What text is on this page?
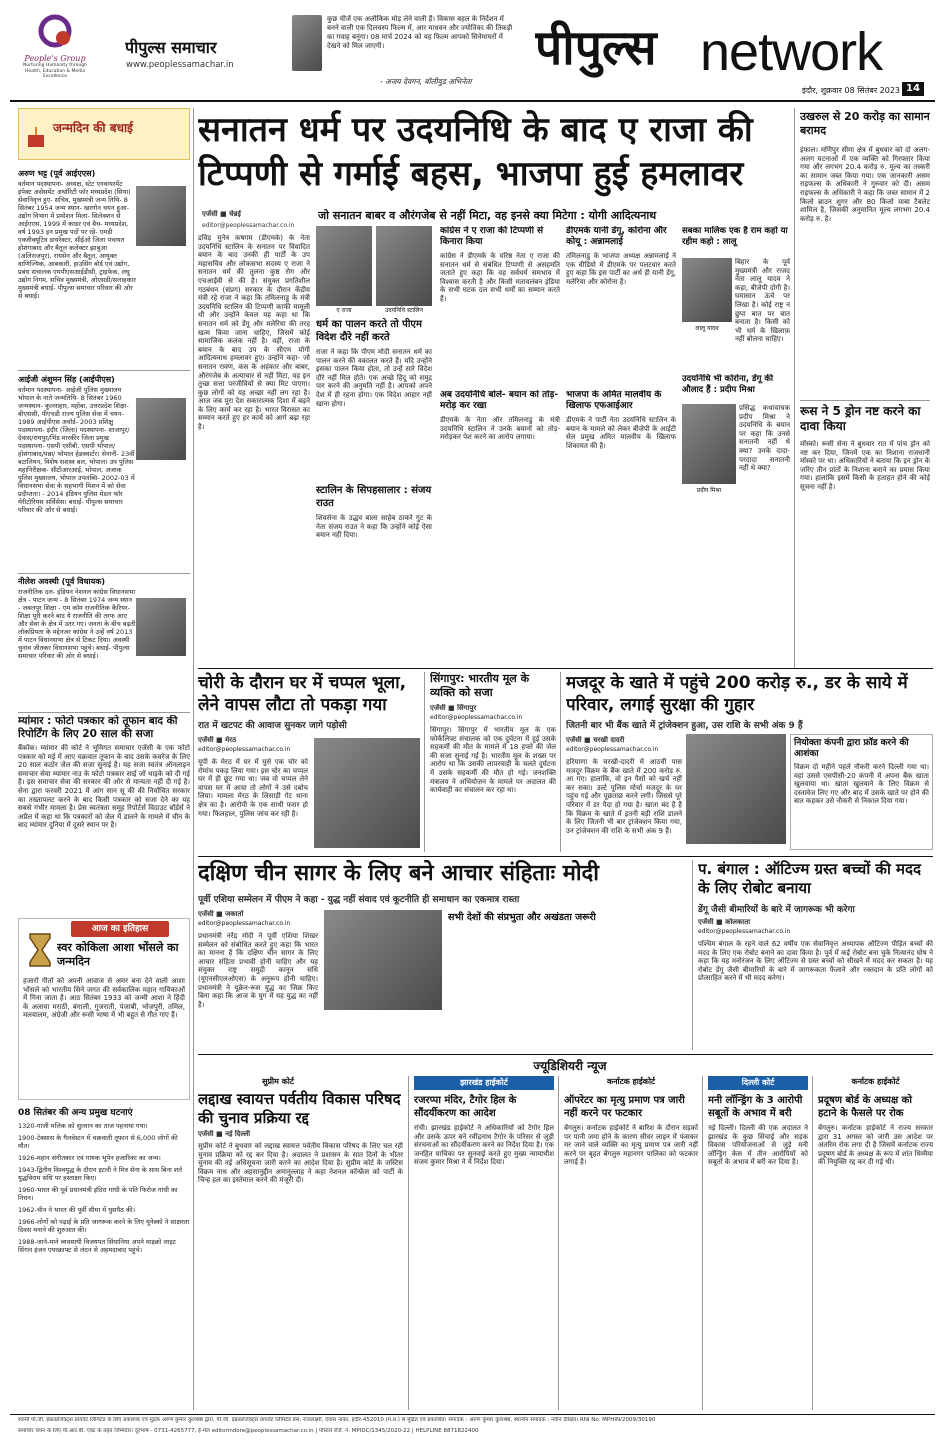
People's Group
Nurturing Humanity through Health, Education & Media Excellence
पीपुल्स समाचार
www.peoplessamachar.in
कुछ चीजें एक अलौकिक मोड़ लेने वाली हैं। विकास बहल के निर्देशन में बनने वाली एक दिलचस्प फिल्म में, आर माधवन और ज्योतिका की तिकड़ी का गवाह बनूंगा। 08 मार्च 2024 को यह फिल्म आपको सिनेमाघरों में देखने को मिल जाएगी।
- अजय देवगन, बॉलीवुड अभिनेता
पीपुल्स network
इंदौर, शुक्रवार 08 सितंबर 2023 14
जन्मदिन की बधाई
अरुण भट्ट (पूर्व आईएएस)
वर्तमान पदस्थापना- अध्यक्ष, स्टेट एनवायरमेंट इंपेक्ट असेसमेंट अथॉरिटी फॉर मध्यप्रदेश (सिया) सेवानिवृत्त हुए- सचिव, मुख्यमंत्री जन्म तिथि- 8 सितंबर 1954 जन्म स्थान- खरगोन चयन हुआ- उद्योग विभाग में प्रमोशन मिला- सिलेक्शन से आईएएस, 1999 में काडर एवं बैच- मध्यप्रदेश, वर्ष 1993 इन प्रमुख पदों पर रहे- एमडी एक्जीक्यूटिव डायरेक्टर, सीईओ जिला पंचायत होशंगाबाद और बैतूल कलेक्टर झाबुआ (अलिराजपुर), रायसेन और बैतूल, आयुक्त वाणिज्यिक, आबकारी, हाउसिंग बोर्ड एवं उद्योग, प्रबंध संचालक एमपीएसआईडीसी, ट्राइफेक, लघु उद्योग निगम, सचिव मुख्यमंत्री, ओएसडी/सलाहकार मुख्यमंत्री बधाई- पीपुल्स समाचार परिवार की ओर से बधाई।
आईजी अंशुमन सिंह (आईपीएस)
वर्तमान पदस्थापना- आईजी पुलिस मुख्यालय भोपाल के नाते जन्मतिथि- 8 सितंबर 1960 जन्मस्थान- कुल्लाहार, महोबा, उत्तरप्रदेश शिक्षा- बीएससी, पीएचडी राज्य पुलिस सेवा में चयन- 1989 आईपीएस अवॉर्ड- 2003 प्रशिक्षु पदस्थापना- इंदौर (जिला) पदस्थापना- शाजापुर/देवास/रायपुर/भिंड मारकीर जिला प्रमुख पदस्थापना- एसपी एसीबी, एसपी भोपाल/होशंगाबाद/पन्ना/ भोपाल हेडक्वार्टर। सेनानी- 23वीं बटालियन, विशेष सशस्त्र बल, भोपाल। उप पुलिस महानिरीक्षक- सीटीआरआई, भोपाल, अजाक पुलिस मुख्यालय, भोपाल उपलब्धि- 2002-03 में विधानसभा सेवा के सहभागी मिशन में को सेवा प्रदीप्तता। - 2014 इंडियन पुलिस मेडल फॉर मेरीटोरियस सर्विसेस। बधाई- पीपुल्स समाचार परिवार की ओर से बधाई।
नीलेश अवस्थी (पूर्व विधायक)
राजनीतिक दल- इंडियन नेशनल कांग्रेस विधानसभा क्षेत्र - पाटन जन्म - 8 सितंबर 1974 जन्म स्थान - जबलपुर शिक्षा - एम कॉम राजनीतिक कैरियर- शिक्षा पूरी करने बाद ये राजनीति की तरफ आए और सेवा के क्षेत्र में उतर गए। जनता के बीच बढ़ती लोकप्रियता के मद्देनजर कांग्रेस ने उन्हें वर्ष 2013 में पाटन विधानसभा क्षेत्र से टिकट दिया। अवस्थी चुनाव जीतकर विधानसभा पहुंचे। बधाई- पीपुल्स समाचार परिवार की ओर से बधाई।
म्यांमार : फोटो पत्रकार को तूफान बाद की रिपोर्टिंग के लिए 20 साल की सजा
बैंकॉक। म्यांमार की कोर्ट ने भूमिगत समाचार एजेंसी के एक फोटो पत्रकार को मई में आए चक्रवात तूफान के बाद उसके कवरेज के लिए 20 साल कठोर जेल की सजा सुनाई है। यह सजा स्वतंत्र ऑनलाइन समाचार सेवा म्यांमार नाउ के फोटो पत्रकार साई जॉ थाइके को दी गई है। इस समाचार सेवा की सरकार की ओर से मान्यता नहीं दी गई है। सेना द्वारा फरवरी 2021 में आंग सान सू की की निर्वाचित सरकार का तख्तापलट करने के बाद किसी पत्रकार को सजा देने का यह सबसे गंभीर मामला है। प्रेस स्वतंत्रता समूह रिपोर्टर्स विदाउट बॉर्डर्स ने अप्रैल में कहा था कि पत्रकारों को जेल में डालने के मामले में चीन के बाद म्यांमार दुनिया में दूसरे स्थान पर है।
आज का इतिहास
स्वर कोकिला आशा भोंसले का जन्मदिन
हजारों गीतों को अपनी आवाज से अमर बना देने वाली आशा भोंसले को भारतीय सिने जगत की सर्वकालिक महान गायिकाओं में गिना जाता है। आठ सितंबर 1933 को जन्मी आशा ने हिंदी के अलावा मराठी, बंगाली, गुजराती, पंजाबी, भोजपुरी, तमिल, मलयालम, अंग्रेजी और रूसी भाषा में भी बहुत से गीत गाए हैं।
08 सितंबर की अन्य प्रमुख घटनाएं
1320-गाजी मलिक को सुल्तान का ताज पहनाया गया।
1900-टेक्सास के गैलवेस्टन में चक्रवाती तूफान से 6,000 लोगों की मौत।
1926-महान संगीतकार एवं गायक भूपेन हजारिका का जन्म।
1943-द्वितीय विश्वयुद्ध के दौरान इटली ने मित्र सेना के साथ बिना शर्त युद्धविराम संधि पर हस्ताक्षर किए।
1960-भारत की पूर्व प्रधानमंत्री इंदिरा गांधी के पति फिरोज गांधी का निधन।
1962-चीन ने भारत की पूर्वी सीमा में घुसपैठ की।
1966-लोगों को पढ़ाई के प्रति जागरूक करने के लिए यूनेस्को ने साक्षरता दिवस मनाने की शुरुआत की।
1988-जाने-माने व्यवसायी विजयपत सिंघानिया अपने माइक्रो लाइट सिंगल इंजन एयरक्राफ्ट से लंदन से अहमदाबाद पहुंचे।
सनातन धर्म पर उदयनिधि के बाद ए राजा की टिप्पणी से गर्माई बहस, भाजपा हुई हमलावर
एजेंसी ■ चेन्नई	जो सनातन बाबर व औरंगजेब से नहीं मिटा, वह इनसे क्या मिटेगा : योगी आदित्यनाथ
editor@peoplessamachar.co.in
द्रविड़ मुनेत्र कषगम (डीएमके) के नेता उदयनिधि स्टालिन के सनातन पर विवादित बयान के बाद उनकी ही पार्टी के उप महासचिव और लोकसभा सदस्य ए राजा ने सनातन धर्म की तुलना कुष्ठ रोग और एचआईवी से की है। संयुक्त प्रगतिशील गठबंधन (संप्रग) सरकार के दौरान केंद्रीय मंत्री रहे राजा ने कहा कि तमिलनाडु के मंत्री उदयनिधि स्टालिन की टिप्पणी काफी मामूली थी और उन्होंने केवल यह कहा था कि सनातन धर्म को डेंगू और मलेरिया की तरह खत्म किया जाना चाहिए, जिसमें कोई सामाजिक कलंक नहीं है। वहीं, राजा के बयान के बाद उप के सीएम योगी आदित्यनाथ हमलावर हुए। उन्होंने कहा- जो सनातन रावण, कंस के अहंकार और बाबर, औरंगजेब के अत्याचार से नहीं मिटा, वह इन तुच्छ सत्ता परजीवियों से क्या मिट पाएगा। कुछ लोगों को यह अच्छा नहीं लग रहा है। आज जब पूरा देश सकारात्मक दिशा में बढ़ने के लिए कार्य कर रहा है। भारत विरासत का सम्मान करते हुए हर कार्य को आगे बढ़ा रहा है।
ए राजा	उदयनिधि स्टालिन
धर्म का पालन करते तो पीएम विदेश दौरे नहीं करते
राजा ने कहा कि पीएम मोदी सनातन धर्म का पालन करने की वकालत करते हैं। यदि उन्होंने इसका पालन किया होता, तो उन्हें सारे विदेश दौरे नहीं मिल होते। एक अच्छे हिंदू को समुद्र पार करने की अनुमति नहीं है। आपको अपने देश में ही रहना होगा। एक विदेश आहार नहीं खाना होगा।
स्टालिन के सिपहसालार : संजय राउत
शिवसेना के उद्धव बाला साहेब ठाकरे गुट के नेता संजय राउत ने कहा कि उन्होंने कोई ऐसा बयान नहीं दिया।
कांग्रेस ने ए राजा की टिप्पणी से किनारा किया
कांग्रेस ने डीएमके के वरिष्ठ नेता ए राजा की सनातन धर्म से संबंधित टिप्पणी से असहमति जताते हुए कहा कि वह सर्वधर्म समभाव में विश्वास करती है और किसी मतावलंबन इंडिया के सभी घटक दल सभी धर्मों का सम्मान करते हैं।
अब उदयनिधि बोले- बयान को तोड़-मरोड़ कर रखा
डीएमके के नेता और तमिलनाडु के मंत्री उदयनिधि स्टालिन ने उनके बयानों को तोड़-मरोड़कर पेश करने का आरोप लगाया।
डीएमके यानी डेंगू, कोरोना और कोयू : अन्नामलाई
तमिलनाडु के भाजपा अध्यक्ष अन्नामलाई ने एक वीडियो में डीएमके पर पलटवार करते हुए कहा कि इस पार्टी का अर्थ ही यानी डेंगू, मलेरिया और कोरोना है।
भाजपा के अमित मालवीय के खिलाफ एफआईआर
डीएमके ने पार्टी नेता उदयनिधि स्टालिन के बयान के मामले को लेकर बीजेपी के आईटी सेल प्रमुख अमित मालवीय के खिलाफ शिकायत की है।
सबका मालिक एक है राम कहो या रहीम कहो : लालू
लालू यादव
बिहार के पूर्व मुख्यमंत्री और राजद नेता लालू यादव ने कहा, बीजेपी दोगी है। घमासान ऊंचे पर लिखा है। कोई राष्ट्र न छुपा बात पर बात बनाता है। किसी को भी धर्म के खिलाफ़ नहीं बोलना चाहिए।
उदयनिधि भी कोरोना, डेंगू की औलाद हैं : प्रदीप मिश्रा
प्रदीप मिश्रा
प्रसिद्ध कथावाचक प्रदीप मिश्रा ने उदयनिधि के बयान पर कहा कि उनसे सनातनी नहीं थे क्या? उनके दादा-परदादा सनातनी नहीं थे क्या?
उखरुल से 20 करोड़ का सामान बरामद
इंफाल। मणिपुर सीमा क्षेत्र में बुधवार को दो अलग-अलग घटनाओं में एक व्यक्ति को गिरफ्तार किया गया और लगभग 20.4 करोड़ रु. मूल्य का तस्करी का सामान जब्त किया गया। एक जानकारी असम राइफल्स के अधिकारी ने गुरुवार को दी। असम राइफल्स के अधिकारी ने कहा कि जब्त सामान में 2 किलो ब्राउन शुगर और 80 किलो याबा टैबलेट शामिल है, जिसकी अनुमानित मूल्य लगभग 20.4 करोड़ रु. है।
रूस ने 5 ड्रोन नष्ट करने का दावा किया
मॉस्को। रूसी सेना ने बुधवार रात में पांच ड्रोन को नष्ट कर दिया, जिनमें एक का निशाना राजधानी मॉस्को पर था। अधिकारियों ने बताया कि इन ड्रोन के जरिए तीन प्रांतों के निशाना बनाने का प्रयास किया गया। हालांकि इसमें किसी के हताहत होने की कोई सूचना नहीं है।
चोरी के दौरान घर में चप्पल भूला, लेने वापस लौटा तो पकड़ा गया
रात में खटपट की आवाज सुनकर जागे पड़ोसी
एजेंसी ■ मेरठ
editor@peoplessamachar.co.in
यूपी के मेरठ में घर में घुसे एक चोर को रोमांच पकड़ लिया गया। इस चोर का चप्पल घर में ही छूट गया था। जब वो चप्पल लेने वापस घर में आया तो लोगों ने उसे दबोच लिया। मामला मेरठ के लिसाड़ी गेट थाना क्षेत्र का है। आरोपी के एक साथी फरार हो गया। फिलहाल, पुलिस जांच कर रही है।
सिंगापुर: भारतीय मूल के व्यक्ति को सजा
एजेंसी ■ सिंगापुर
editor@peoplessamachar.co.in
सिंगापुर। सिंगापुर में भारतीय मूल के एक फोर्कलिफ्ट संचालक को एक दुर्घटना में हुई उसके सहकर्मी की मौत के मामले में 18 हफ्ते की जेल की सजा सुनाई गई है। भारतीय मूल के शख्स पर आरोप था कि उसकी लापरवाही के चलते दुर्घटना में उसके सहकर्मी की मौत हो गई। जनशक्ति मंत्रालय ने अभियोजन के मामले पर अदालत की कार्यवाही का संचालन कर रहा था।
मजदूर के खाते में पहुंचे 200 करोड़ रु., डर के साये में परिवार, लगाई सुरक्षा की गुहार
जितनी बार भी बैंक खाते में ट्रांजेक्शन हुआ, उस राशि के सभी अंक 9 हैं
एजेंसी ■ चरखी दादरी
editor@peoplessamachar.co.in
हरियाणा के चरखी-दादरी में आठवीं पास मजदूर विक्रम के बैंक खाते में 200 करोड़ रु. आ गए। हालांकि, वो इन पैसों को खर्च नहीं कर सका। उल्टे पुलिस मोर्चा मजदूर के घर पहुंच गई और पूछताछ करने लगी। जिससे पूरे परिवार में डर पैदा हो गया है। खाता बंद है है कि विक्रम के खाते में इतनी बड़ी राशि डालने के लिए जितनी भी बार ट्रांजेक्शन किया गया, उन ट्रांजेक्शन की राशि के सभी अंक 9 हैं।
नियोक्ता कंपनी द्वारा फ्रॉड करने की आशंका
विक्रम दो महीने पहले नौकरी करने दिल्ली गया था। वहां उससे एसपीसी-20 कंपनी में अपना बैंक खाता खुलवाया था। खाता खुलवाने के लिए विक्रम से दस्तावेज लिए गए और बाद में उसके खाते पर होने की बात कहकर उसे नौकरी से निकाल दिया गया।
दक्षिण चीन सागर के लिए बने आचार संहिताः मोदी
पूर्वी एशिया सम्मेलन में पीएम ने कहा - युद्ध नहीं संवाद एवं कूटनीति ही समाधान का एकमात्र रास्ता
एजेंसी ■ जकार्ता
editor@peoplessamachar.co.in
प्रधानमंत्री नरेंद्र मोदी ने पूर्वी एशिया शिखर सम्मेलन को संबोधित करते हुए कहा कि भारत का मानना है कि दक्षिण चीन सागर के लिए आचार संहिता प्रभावी होनी चाहिए और यह संयुक्त राष्ट्र समुद्री कानून संधि (यूएनसीएलओएस) के अनुरूप होनी चाहिए। प्रधानमंत्री ने यूक्रेन-रूस युद्ध का जिक्र किए बिना कहा कि आज के युग में यह युद्ध का नहीं है।
सभी देशों की संप्रभुता और अखंडता जरूरी
प. बंगाल : ऑटिज्म ग्रस्त बच्चों की मदद के लिए रोबोट बनाया
डेंगू जैसी बीमारियों के बारे में जागरूक भी करेगा
एजेंसी ■ कोलकाता
editor@peoplessamachar.co.in
पश्चिम बंगाल के रहने वाले 62 वर्षीय एक सेवानिवृत्त अध्यापक ऑटिज्म पीड़ित बच्चों की मदद के लिए एक रोबोट बनाने का दावा किया है। पूर्व में कई रोबोट बना चुके नित्यानंद घोष ने कहा कि यह मनोरंजन के लिए ऑटिज्म से ग्रस्त बच्चों को सीखने में मदद कर सकता है। यह रोबोट डेंगू जैसी बीमारियों के बारे में जागरूकता फैलाने और रक्तदान के प्रति लोगों को प्रोत्साहित करने में भी मदद करेगा।
ज्यूडिशियरी न्यूज
सुप्रीम कोर्ट
लद्दाख स्वायत्त पर्वतीय विकास परिषद की चुनाव प्रक्रिया रद्द
एजेंसी ■ नई दिल्ली
सुप्रीम कोर्ट ने बुधवार को लद्दाख स्वायत्त पर्वतीय विकास परिषद के लिए चल रही चुनाव प्रक्रिया को रद्द कर दिया है। अदालत ने प्रशासन के सात दिनों के भीतर चुनाव की नई अधिसूचना जारी करने का आदेश दिया है। सुप्रीम कोर्ट के जस्टिस विक्रम नाथ और अहसानुद्दीन अमानुल्लाह ने कहा नेशनल कॉन्फ्रेंस को पार्टी के चिन्ह हल का इस्तेमाल करने की मंजूरी दी।
झारखंड हाईकोर्ट
रजरप्पा मंदिर, टैगोर हिल के सौंदर्यीकरण का आदेश
रांची। झारखंड हाईकोर्ट ने अधिकारियों को टैगोर हिल और उसके ऊपर बने रवींद्रनाथ टैगोर के परिसर से जुड़ी संरचनाओं का सौंदर्यीकरण करने का निर्देश दिया है। एक जनहित याचिका पर सुनवाई करते हुए मुख्य न्यायाधीश संजय कुमार मिश्रा ने ये निर्देश दिया।
कर्नाटक हाईकोर्ट
ऑपरेटर का मृत्यु प्रमाण पत्र जारी नहीं करने पर फटकार
बेंगलुरु। कर्नाटक हाईकोर्ट ने बारिश के दौरान सड़कों पर पानी जमा होने के कारण सीवर लाइन में फंसकर मर जाने वाले व्यक्ति का मृत्यु प्रमाण पत्र जारी नहीं करने पर बृहत बेंगलुरु महानगर पालिका को फटकार लगाई है।
दिल्ली कोर्ट
मनी लॉन्ड्रिंग के 3 आरोपी सबूतों के अभाव में बरी
नई दिल्ली। दिल्ली की एक अदालत ने झारखंड के कुछ सिंचाई और सड़क विकास परियोजनाओं से जुड़े मनी लॉन्ड्रिंग केस में तीन आरोपियों को सबूतों के अभाव में बरी कर दिया है।
कर्नाटक हाईकोर्ट
प्रदूषण बोर्ड के अध्यक्ष को हटाने के फैसले पर रोक
बेंगलुरु। कर्नाटक हाईकोर्ट ने राज्य सरकार द्वारा 31 अगस्त को जारी उस आदेश पर अंतरिम रोक लगा दी है जिसमें कर्नाटक राज्य प्रदूषण बोर्ड के अध्यक्ष के रूप में शांत थिम्मैया की नियुक्ति रद्द कर दी गई थी।
स्वामी पी.जी. इंफ्राप्रोजेक्ट्स प्रायवेट लिमिटेड के लिए प्रकाशक एवं मुद्रक अरुण कुमार कुलश्रेष्ठ द्वारा, पी.जी. इंफ्राप्रोजेक्ट्स प्रायवेट लिमिटेड प्रेस, राजलक्ष्मी, देवास नाका, इंदौर-452010 (म.प्र.) से मुद्रित एवं प्रकाशित। संपादक : अरुण कुमार कुलश्रेष्ठ, स्थानीय संपादक : नवीन दीक्षित। RNI No. MPHIN/2009/30190
समाचार चयन के लिए पी.आर.बी. एक्ट के तहत जिम्मेदार। दूरभाष - 0731-4265777, ई-मेल editorindore@peoplessamachar.co.in | पोस्टल रजि. नं. MPIDC/1345/2020-22 | HELPLINE 8871822400
